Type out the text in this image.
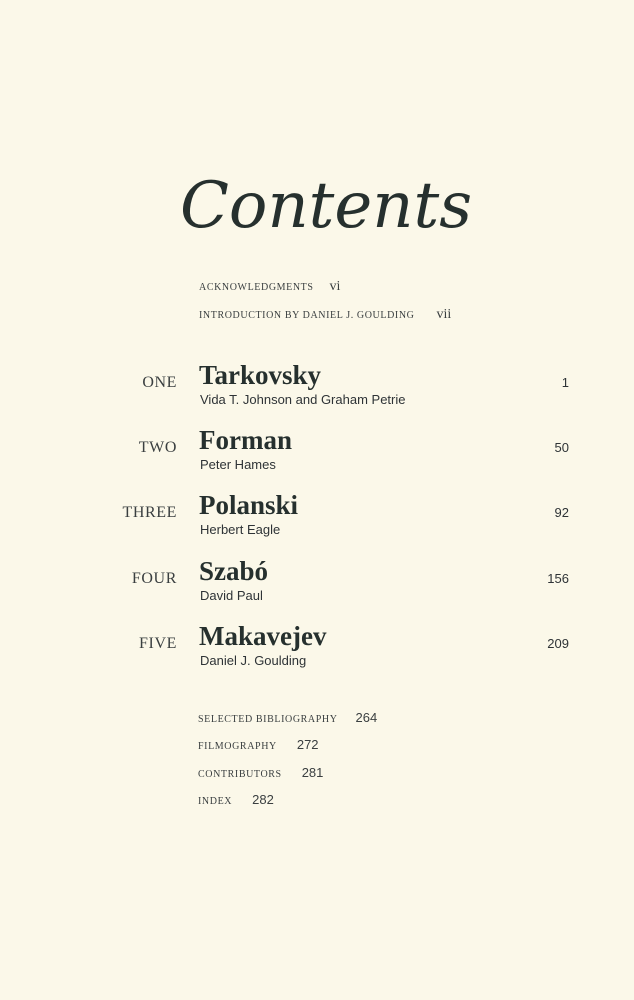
Contents
ACKNOWLEDGMENTS vi
INTRODUCTION BY DANIEL J. GOULDING vii
ONE Tarkovsky
Vida T. Johnson and Graham Petrie
1
TWO Forman
Peter Hames
50
THREE Polanski
Herbert Eagle
92
FOUR Szabó
David Paul
156
FIVE Makavejev
Daniel J. Goulding
209
SELECTED BIBLIOGRAPHY 264
FILMOGRAPHY 272
CONTRIBUTORS 281
INDEX 282
